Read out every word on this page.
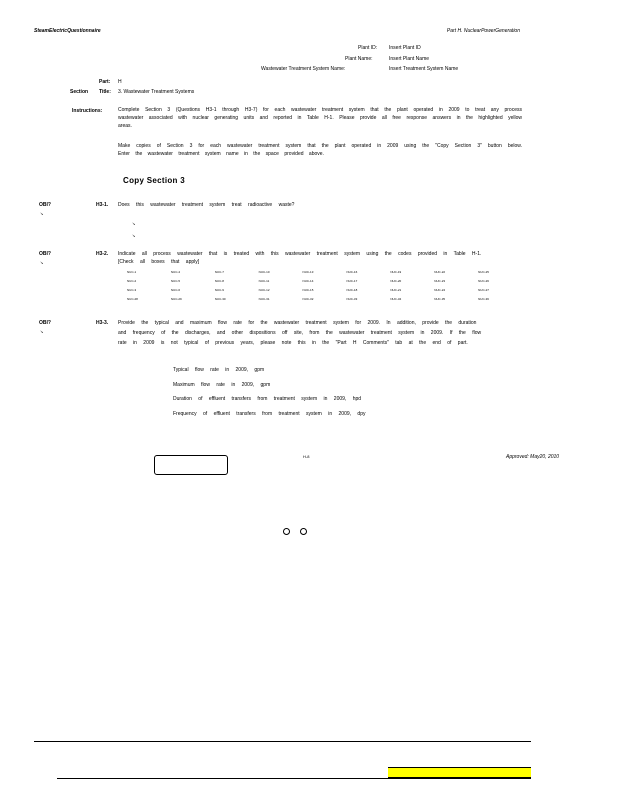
SteamElectricQuestionnaire	Part H. NuclearPowerGeneration
Plant ID: Insert Plant ID
Plant Name:	Insert Plant Name
Wastewater Treatment System Name:	Insert Treatment System Name
Part: H
Section Title: 3. Wastewater Treatment Systems
Instructions:	Complete Section 3 (Questions H3-1 through H3-7) for each wastewater treatment system that the plant operated in 2009 to treat any process wastewater associated with nuclear generating units and reported in Table H-1. Please provide all free response answers in the highlighted yellow areas.
Make copies of Section 3 for each wastewater treatment system that the plant operated in 2009 using the "Copy Section 3" button below. Enter the wastewater treatment system name in the space provided above.
Copy Section 3
OBI?
↘
H3-1. Does this wastewater treatment system treat radioactive waste?
↘
↘
OBI?
↘
H3-2. Indicate all process wastewater that is treated with this wastewater treatment system using the codes provided in Table H-1.
[Check all boxes that apply]
NUC-1	NUC-4	NUC-7	NUC-10	NUC-13	NUC-16	NUC-19	NUC-22	NUC-25
NUC-2	NUC-5	NUC-8	NUC-11	NUC-14	NUC-17	NUC-20	NUC-23	NUC-26
NUC-3	NUC-6	NUC-9	NUC-12	NUC-15	NUC-18	NUC-21	NUC-24	NUC-27
NUC-28	NUC-29	NUC-30	NUC-31	NUC-32	NUC-33	NUC-34	NUC-35	NUC-36
OBI?
↘
H3-3. Provide the typical and maximum flow rate for the wastewater treatment system for 2009. In addition, provide the duration
and frequency of the discharges, and other dispositions off site, from the wastewater treatment system in 2009. If the flow
rate in 2009 is not typical of previous years, please note this in the "Part H Comments" tab at the end of part.
Typical flow rate in 2009, gpm
Maximum flow rate in 2009, gpm
Duration of effluent transfers from treatment system in 2009, hpd
Frequency of effluent transfers from treatment system in 2009, dpy
H-8	Approved: May20, 2010
